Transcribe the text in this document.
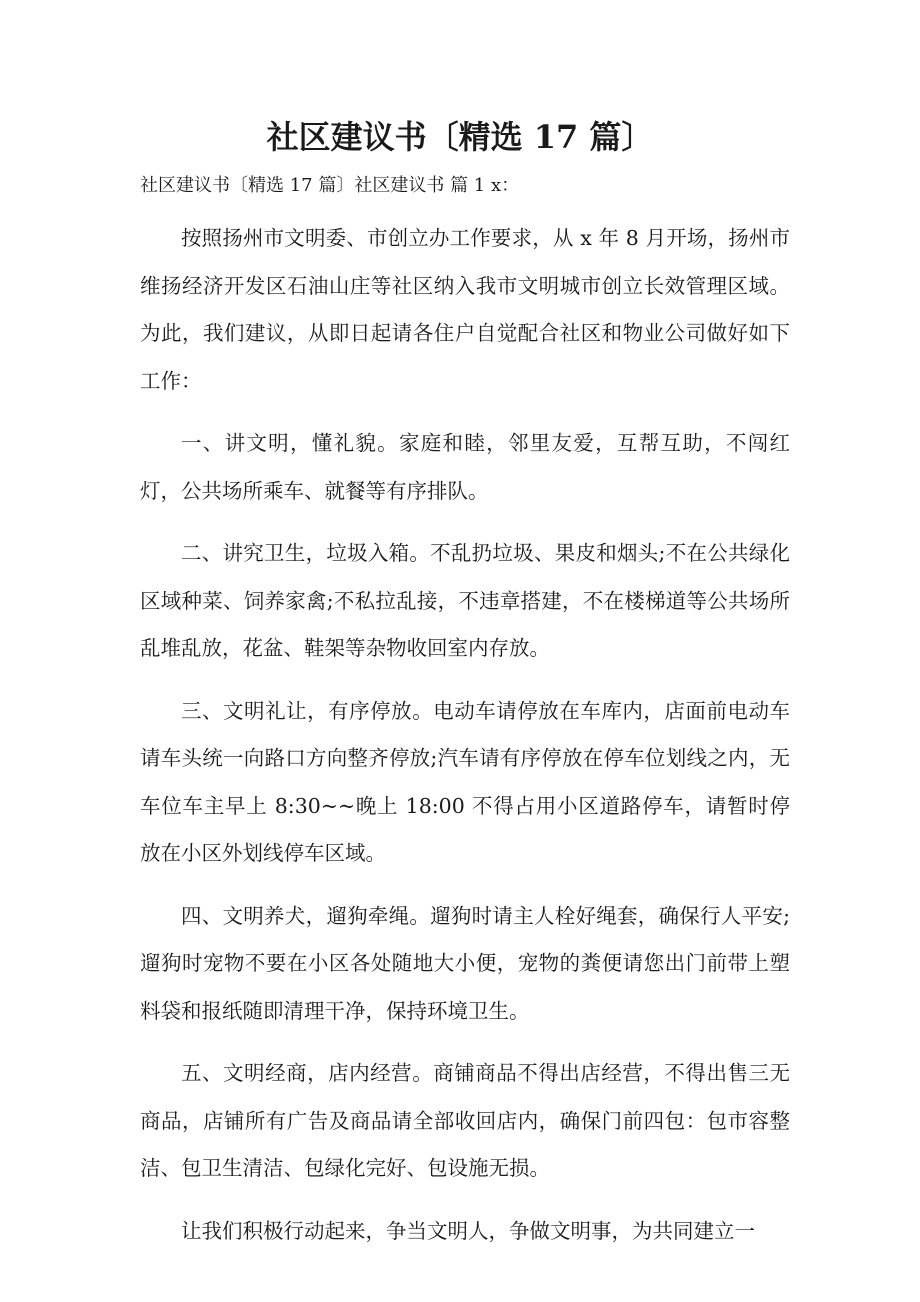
社区建议书〔精选 17 篇〕

社区建议书〔精选 17 篇〕社区建议书 篇 1 x：

按照扬州市文明委、市创立办工作要求，从 x 年 8 月开场，扬州市维扬经济开发区石油山庄等社区纳入我市文明城市创立长效管理区域。为此，我们建议，从即日起请各住户自觉配合社区和物业公司做好如下工作：

一、讲文明，懂礼貌。家庭和睦，邻里友爱，互帮互助，不闯红灯，公共场所乘车、就餐等有序排队。

二、讲究卫生，垃圾入箱。不乱扔垃圾、果皮和烟头;不在公共绿化区域种菜、饲养家禽;不私拉乱接，不违章搭建，不在楼梯道等公共场所乱堆乱放，花盆、鞋架等杂物收回室内存放。

三、文明礼让，有序停放。电动车请停放在车库内，店面前电动车请车头统一向路口方向整齐停放;汽车请有序停放在停车位划线之内，无车位车主早上 8:30~~晚上 18:00 不得占用小区道路停车，请暂时停放在小区外划线停车区域。

四、文明养犬，遛狗牵绳。遛狗时请主人栓好绳套，确保行人平安;遛狗时宠物不要在小区各处随地大小便，宠物的粪便请您出门前带上塑料袋和报纸随即清理干净，保持环境卫生。

五、文明经商，店内经营。商铺商品不得出店经营，不得出售三无商品，店铺所有广告及商品请全部收回店内，确保门前四包：包市容整洁、包卫生清洁、包绿化完好、包设施无损。

让我们积极行动起来，争当文明人，争做文明事，为共同建立一
